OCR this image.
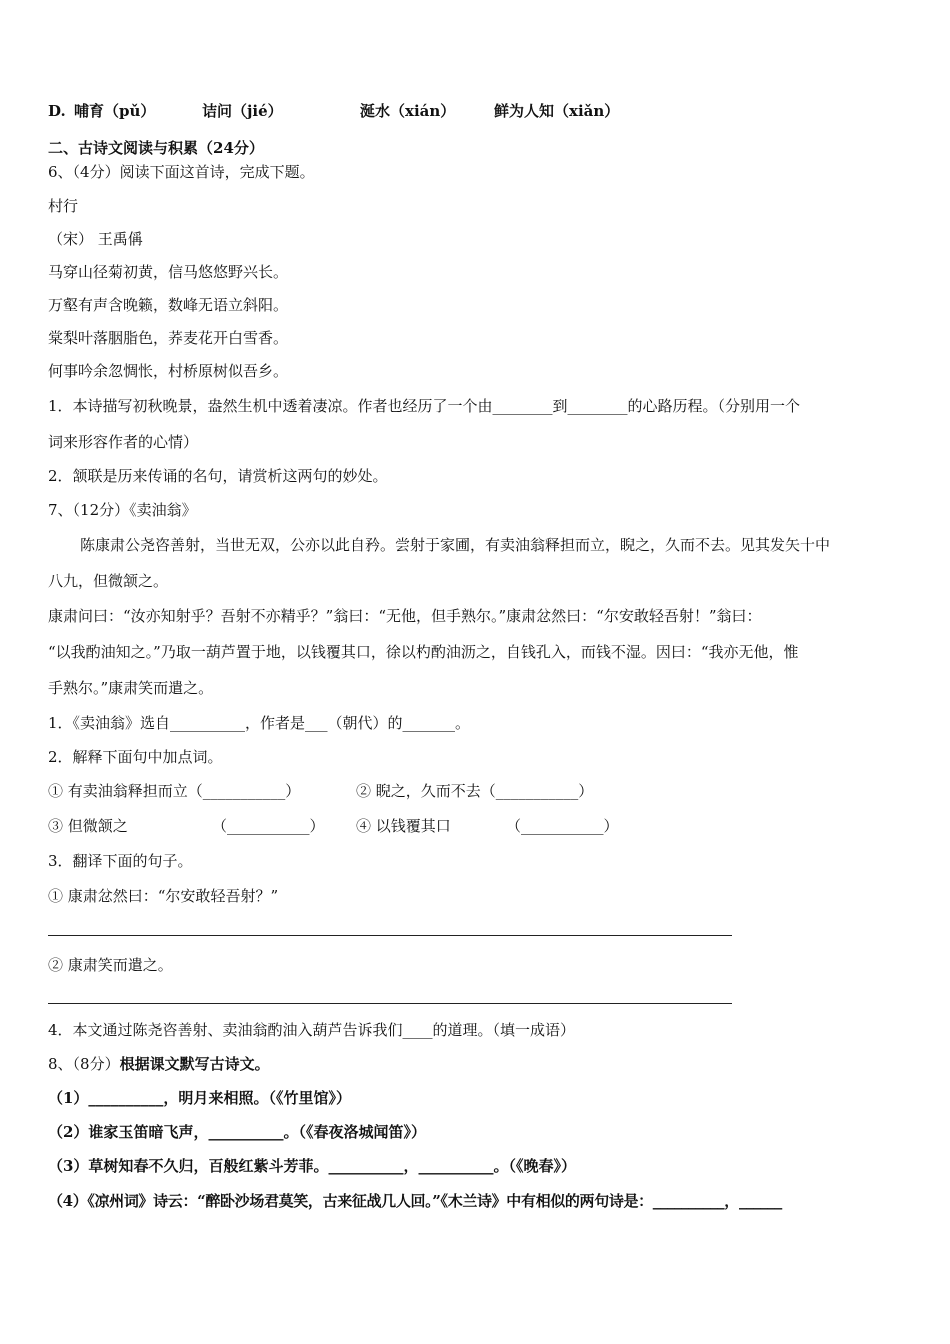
D. 哺育（pǔ）	诘问（jié）	涎水（xián）	鲜为人知（xiǎn）
二、古诗文阅读与积累（24分）
6、（4分）阅读下面这首诗，完成下题。
村行
（宋） 王禹偁
马穿山径菊初黄，信马悠悠野兴长。
万壑有声含晚籁，数峰无语立斜阳。
棠梨叶落胭脂色，荞麦花开白雪香。
何事吟余忽惆怅，村桥原树似吾乡。
1．本诗描写初秋晚景，盎然生机中透着凄凉。作者也经历了一个由________到________的心路历程。（分别用一个
词来形容作者的心情）
2．颔联是历来传诵的名句，请赏析这两句的妙处。
7、（12分）《卖油翁》
陈康肃公尧咨善射，当世无双，公亦以此自矜。尝射于家圃，有卖油翁释担而立，睨之，久而不去。见其发矢十中
八九，但微颔之。
康肃问曰：“汝亦知射乎？吾射不亦精乎？”翁曰：“无他，但手熟尔。”康肃忿然曰：“尔安敢轻吾射！”翁曰：
“以我酌油知之。”乃取一葫芦置于地，以钱覆其口，徐以杓酌油沥之，自钱孔入，而钱不湿。因曰：“我亦无他，惟
手熟尔。”康肃笑而遣之。
1．《卖油翁》选自__________，作者是___（朝代）的_______。
2．解释下面句中加点词。
① 有卖油翁释担而立（___________）	② 睨之，久而不去（___________）
③ 但微颔之	（___________） ④ 以钱覆其口	（___________）
3．翻译下面的句子。
① 康肃忿然曰：“尔安敢轻吾射？”
② 康肃笑而遣之。
4．本文通过陈尧咨善射、卖油翁酌油入葫芦告诉我们____的道理。（填一成语）
8、（8分）根据课文默写古诗文。
（1）__________，明月来相照。（《竹里馆》）
（2）谁家玉笛暗飞声，__________。（《春夜洛城闻笛》）
（3）草树知春不久归，百般红紫斗芳菲。__________，__________。（《晚春》）
（4）《凉州词》诗云：“醉卧沙场君莫笑，古来征战几人回。”《木兰诗》中有相似的两句诗是：__________，______
